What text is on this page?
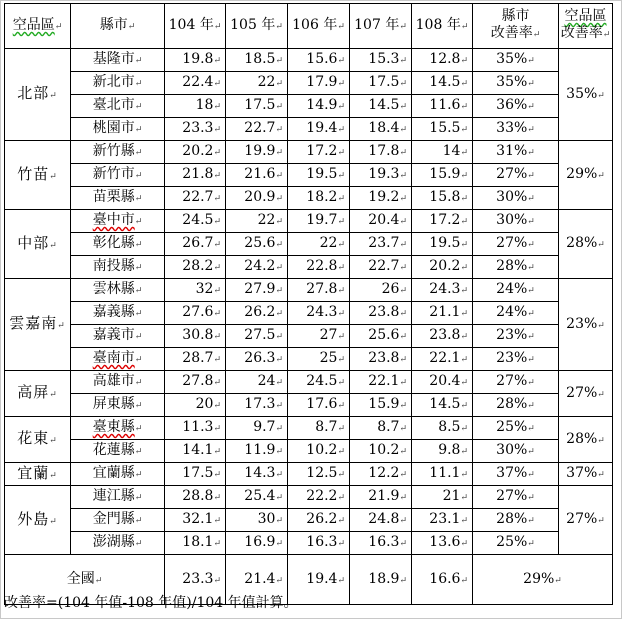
空品區↵	縣市↵	104 年↵	105 年↵	106 年↵	107 年↵	108 年↵	縣市
改善率↵	空品區
改善率↵
北部↵	基隆市↵	19.8↵	18.5↵	15.6↵	15.3↵	12.8↵	35%↵	35%↵
	新北市↵	22.4↵	22↵	17.9↵	17.5↵	14.5↵	35%↵	
	臺北市↵	18↵	17.5↵	14.9↵	14.5↵	11.6↵	36%↵	
	桃園市↵	23.3↵	22.7↵	19.4↵	18.4↵	15.5↵	33%↵	
竹苗↵	新竹縣↵	20.2↵	19.9↵	17.2↵	17.8↵	14↵	31%↵	29%↵
	新竹市↵	21.8↵	21.6↵	19.5↵	19.3↵	15.9↵	27%↵	
	苗栗縣↵	22.7↵	20.9↵	18.2↵	19.2↵	15.8↵	30%↵	
中部↵	臺中市↵	24.5↵	22↵	19.7↵	20.4↵	17.2↵	30%↵	28%↵
	彰化縣↵	26.7↵	25.6↵	22↵	23.7↵	19.5↵	27%↵	
	南投縣↵	28.2↵	24.2↵	22.8↵	22.7↵	20.2↵	28%↵	
雲嘉南↵	雲林縣↵	32↵	27.9↵	27.8↵	26↵	24.3↵	24%↵	23%↵
	嘉義縣↵	27.6↵	26.2↵	24.3↵	23.8↵	21.1↵	24%↵	
	嘉義市↵	30.8↵	27.5↵	27↵	25.6↵	23.8↵	23%↵	
	臺南市↵	28.7↵	26.3↵	25↵	23.8↵	22.1↵	23%↵	
高屏↵	高雄市↵	27.8↵	24↵	24.5↵	22.1↵	20.4↵	27%↵	27%↵
	屏東縣↵	20↵	17.3↵	17.6↵	15.9↵	14.5↵	28%↵	
花東↵	臺東縣↵	11.3↵	9.7↵	8.7↵	8.7↵	8.5↵	25%↵	28%↵
	花蓮縣↵	14.1↵	11.9↵	10.2↵	10.2↵	9.8↵	30%↵	
宜蘭↵	宜蘭縣↵	17.5↵	14.3↵	12.5↵	12.2↵	11.1↵	37%↵	37%↵
外島↵	連江縣↵	28.8↵	25.4↵	22.2↵	21.9↵	21↵	27%↵	27%↵
	金門縣↵	32.1↵	30↵	26.2↵	24.8↵	23.1↵	28%↵	
	澎湖縣↵	18.1↵	16.9↵	16.3↵	16.3↵	13.6↵	25%↵	
全國↵		23.3↵	21.4↵	19.4↵	18.9↵	16.6↵	29%↵	
改善率=(104 年值-108 年值)/104 年值計算。
